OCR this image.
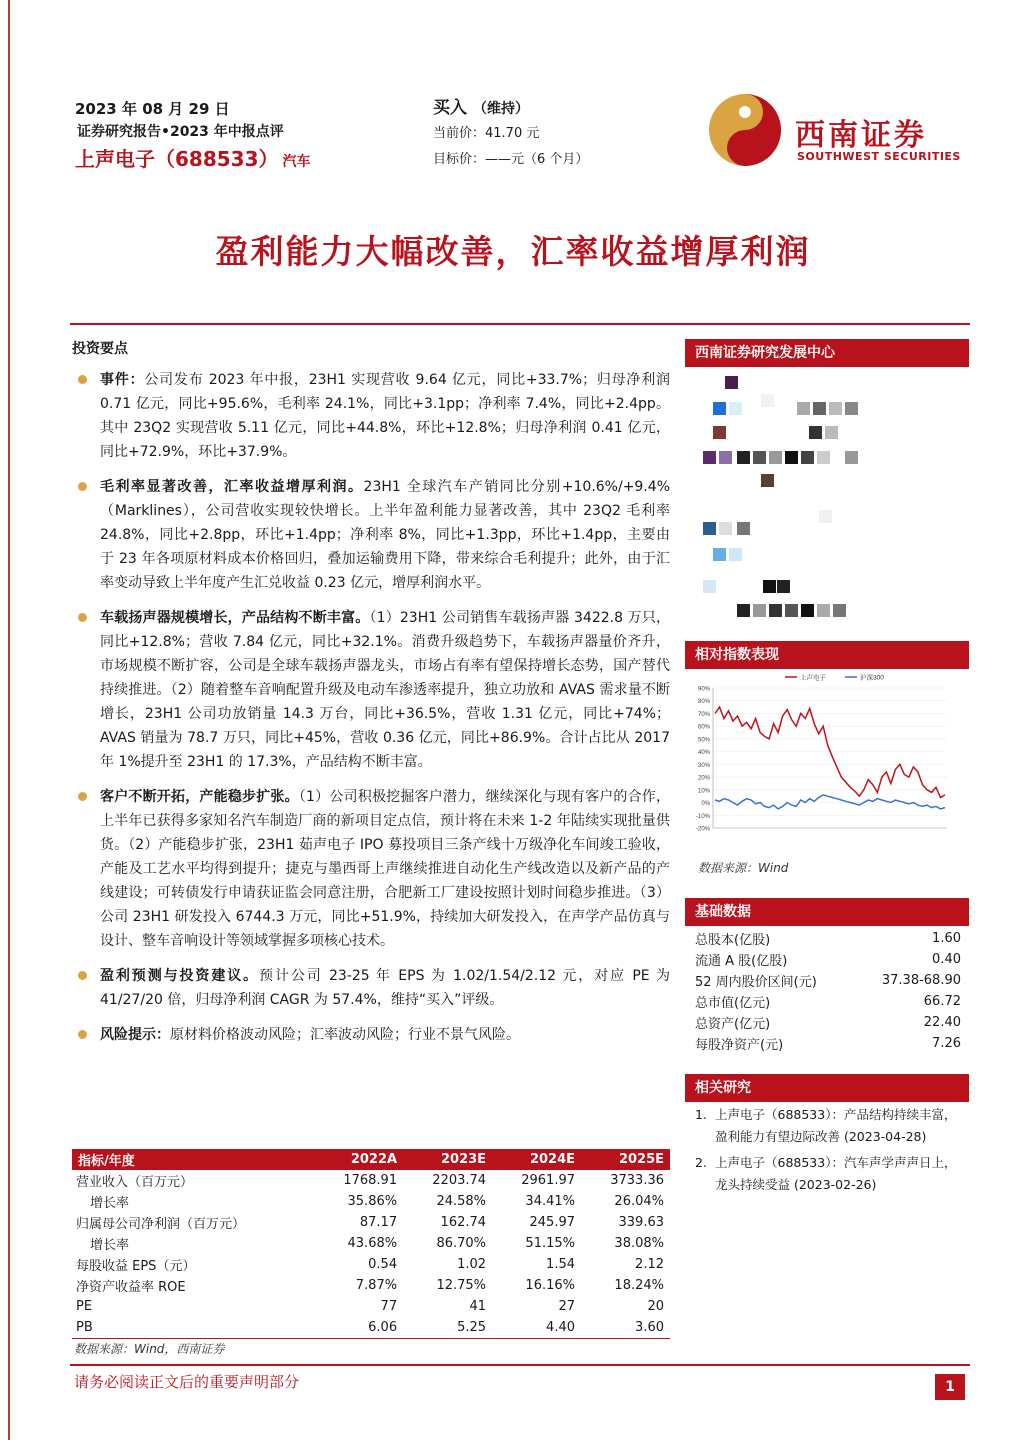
2023 年 08 月 29 日
证券研究报告•2023 年中报点评
上声电子（688533） 汽车
买入 （维持）
当前价：41.70 元
目标价：——元（6 个月）
西南证券
SOUTHWEST SECURITIES
盈利能力大幅改善，汇率收益增厚利润
投资要点
事件：公司发布 2023 年中报，23H1 实现营收 9.64 亿元，同比+33.7%；归母净利润 0.71 亿元，同比+95.6%，毛利率 24.1%，同比+3.1pp；净利率 7.4%，同比+2.4pp。其中 23Q2 实现营收 5.11 亿元，同比+44.8%，环比+12.8%；归母净利润 0.41 亿元，同比+72.9%，环比+37.9%。
毛利率显著改善，汇率收益增厚利润。23H1 全球汽车产销同比分别+10.6%/+9.4%（Marklines），公司营收实现较快增长。上半年盈利能力显著改善，其中 23Q2 毛利率 24.8%，同比+2.8pp，环比+1.4pp；净利率 8%，同比+1.3pp，环比+1.4pp，主要由于 23 年各项原材料成本价格回归，叠加运输费用下降，带来综合毛利提升；此外，由于汇率变动导致上半年度产生汇兑收益 0.23 亿元，增厚利润水平。
车载扬声器规模增长，产品结构不断丰富。（1）23H1 公司销售车载扬声器 3422.8 万只，同比+12.8%；营收 7.84 亿元，同比+32.1%。消费升级趋势下，车载扬声器量价齐升，市场规模不断扩容，公司是全球车载扬声器龙头，市场占有率有望保持增长态势，国产替代持续推进。（2）随着整车音响配置升级及电动车渗透率提升，独立功放和 AVAS 需求量不断增长，23H1 公司功放销量 14.3 万台，同比+36.5%，营收 1.31 亿元，同比+74%；AVAS 销量为 78.7 万只，同比+45%，营收 0.36 亿元，同比+86.9%。合计占比从 2017 年 1%提升至 23H1 的 17.3%，产品结构不断丰富。
客户不断开拓，产能稳步扩张。（1）公司积极挖掘客户潜力，继续深化与现有客户的合作，上半年已获得多家知名汽车制造厂商的新项目定点信，预计将在未来 1-2 年陆续实现批量供货。（2）产能稳步扩张，23H1 茹声电子 IPO 募投项目三条产线十万级净化车间竣工验收，产能及工艺水平均得到提升；捷克与墨西哥上声继续推进自动化生产线改造以及新产品的产线建设；可转债发行申请获证监会同意注册，合肥新工厂建设按照计划时间稳步推进。（3）公司 23H1 研发投入 6744.3 万元，同比+51.9%，持续加大研发投入，在声学产品仿真与设计、整车音响设计等领域掌握多项核心技术。
盈利预测与投资建议。预计公司 23-25 年 EPS 为 1.02/1.54/2.12 元，对应 PE 为 41/27/20 倍，归母净利润 CAGR 为 57.4%，维持“买入”评级。
风险提示：原材料价格波动风险；汇率波动风险；行业不景气风险。
指标/年度	2022A	2023E	2024E	2025E
营业收入（百万元）	1768.91	2203.74	2961.97	3733.36
增长率	35.86%	24.58%	34.41%	26.04%
归属母公司净利润（百万元）	87.17	162.74	245.97	339.63
增长率	43.68%	86.70%	51.15%	38.08%
每股收益 EPS（元）	0.54	1.02	1.54	2.12
净资产收益率 ROE	7.87%	12.75%	16.16%	18.24%
PE	77	41	27	20
PB	6.06	5.25	4.40	3.60
数据来源：Wind，西南证券
西南证券研究发展中心
相对指数表现
90%
80%
70%
60%
50%
40%
30%
20%
10%
0%
-10%
-20%
上声电子	沪深300
数据来源：Wind
基础数据
总股本(亿股)	1.60
流通 A 股(亿股)	0.40
52 周内股价区间(元)	37.38-68.90
总市值(亿元)	66.72
总资产(亿元)	22.40
每股净资产(元)	7.26
相关研究
1. 上声电子（688533）：产品结构持续丰富，盈利能力有望边际改善 (2023-04-28)
2. 上声电子（688533）：汽车声学声声日上，龙头持续受益 (2023-02-26)
请务必阅读正文后的重要声明部分	1
